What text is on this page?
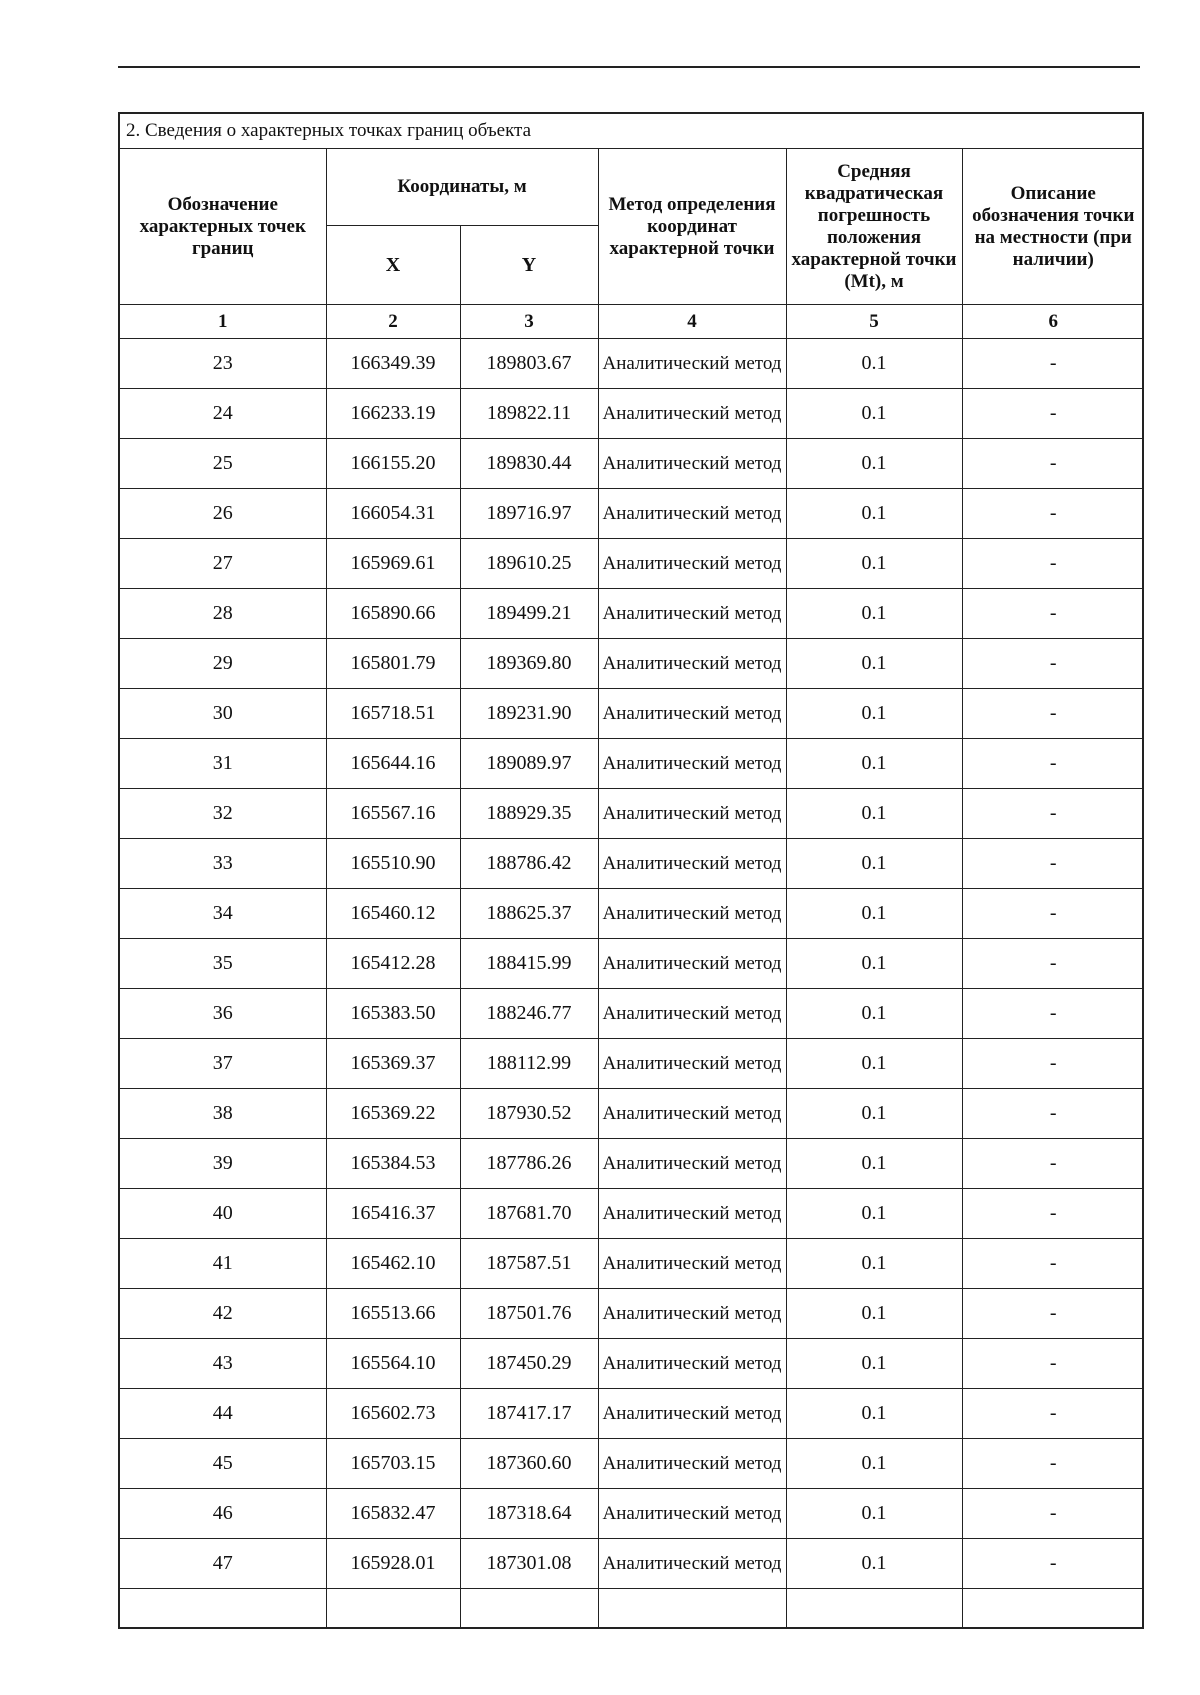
2. Сведения о характерных точках границ объекта
Обозначение характерных точек границ	Координаты, м		Метод определения координат характерной точки	Средняя квадратическая погрешность положения характерной точки (Mt), м	Описание обозначения точки на местности (при наличии)
	X	Y			
1	2	3	4	5	6
23	166349.39	189803.67	Аналитический метод	0.1	-
24	166233.19	189822.11	Аналитический метод	0.1	-
25	166155.20	189830.44	Аналитический метод	0.1	-
26	166054.31	189716.97	Аналитический метод	0.1	-
27	165969.61	189610.25	Аналитический метод	0.1	-
28	165890.66	189499.21	Аналитический метод	0.1	-
29	165801.79	189369.80	Аналитический метод	0.1	-
30	165718.51	189231.90	Аналитический метод	0.1	-
31	165644.16	189089.97	Аналитический метод	0.1	-
32	165567.16	188929.35	Аналитический метод	0.1	-
33	165510.90	188786.42	Аналитический метод	0.1	-
34	165460.12	188625.37	Аналитический метод	0.1	-
35	165412.28	188415.99	Аналитический метод	0.1	-
36	165383.50	188246.77	Аналитический метод	0.1	-
37	165369.37	188112.99	Аналитический метод	0.1	-
38	165369.22	187930.52	Аналитический метод	0.1	-
39	165384.53	187786.26	Аналитический метод	0.1	-
40	165416.37	187681.70	Аналитический метод	0.1	-
41	165462.10	187587.51	Аналитический метод	0.1	-
42	165513.66	187501.76	Аналитический метод	0.1	-
43	165564.10	187450.29	Аналитический метод	0.1	-
44	165602.73	187417.17	Аналитический метод	0.1	-
45	165703.15	187360.60	Аналитический метод	0.1	-
46	165832.47	187318.64	Аналитический метод	0.1	-
47	165928.01	187301.08	Аналитический метод	0.1	-
